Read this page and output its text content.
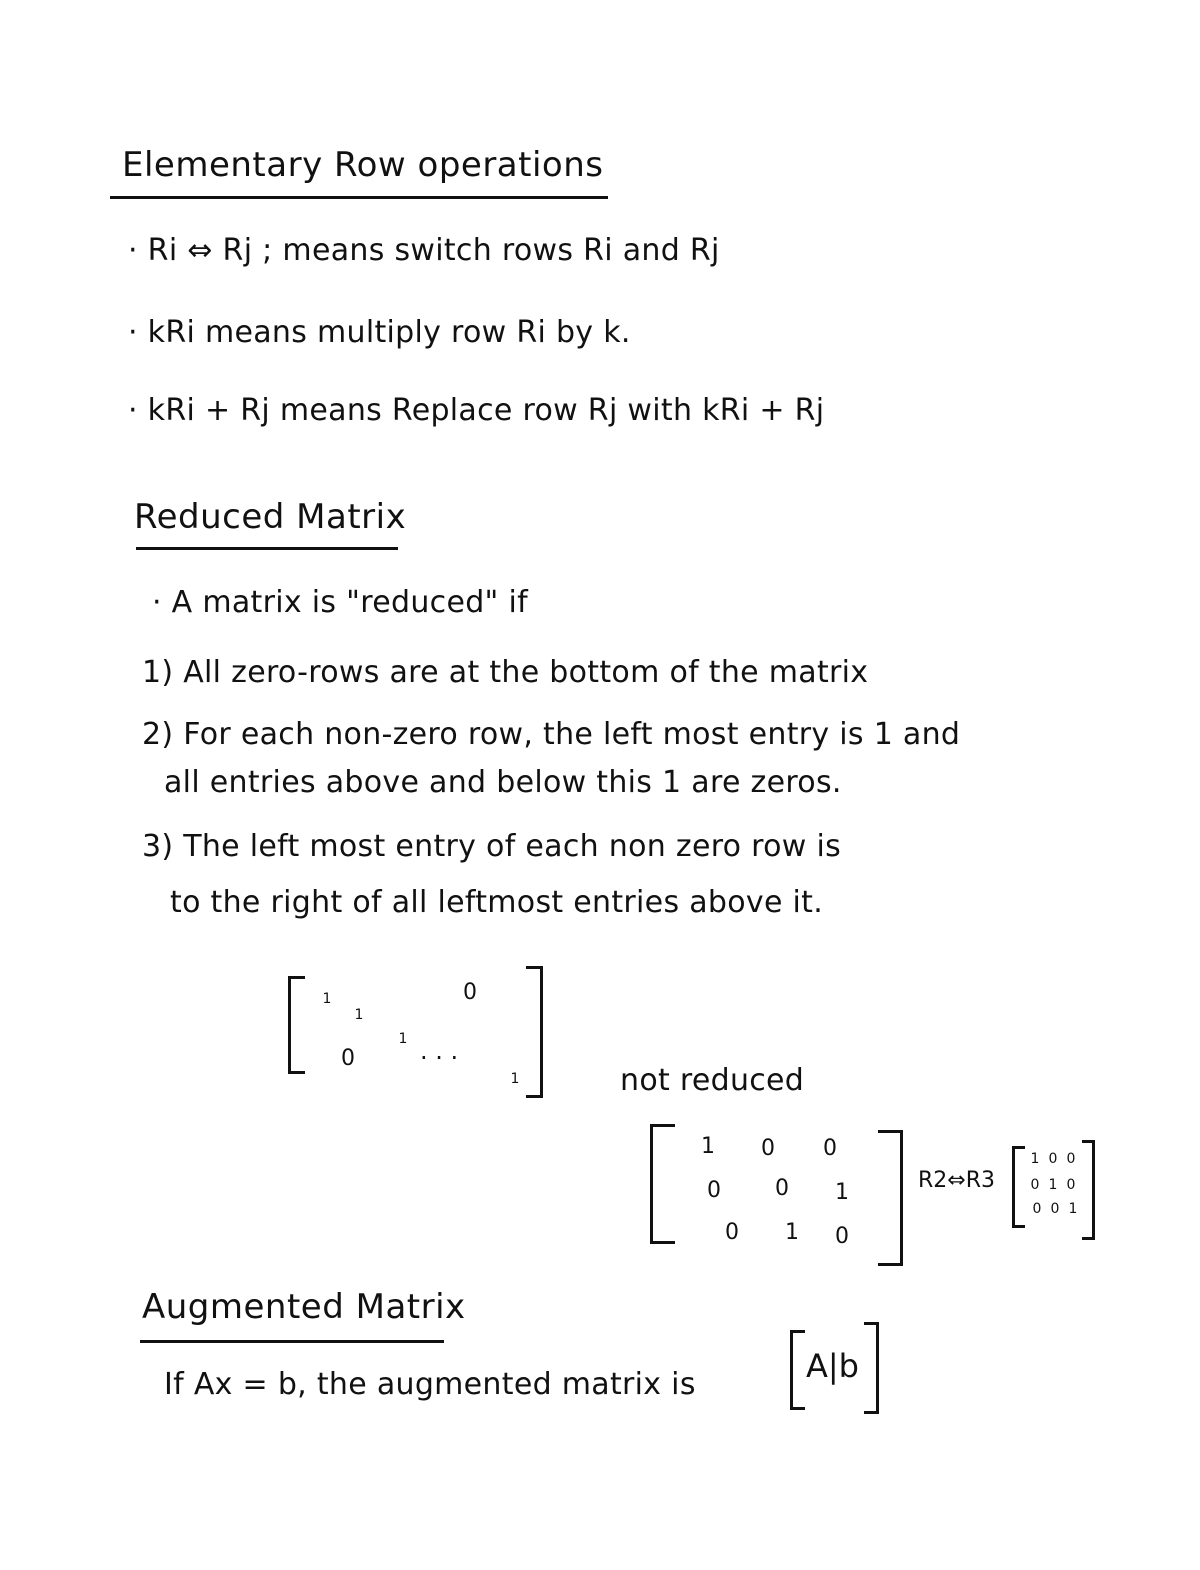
Elementary Row operations
· Ri ⇔ Rj ; means switch rows Ri and Rj
· kRi means multiply row Ri by k.
· kRi + Rj means Replace row Rj with kRi + Rj
Reduced Matrix
· A matrix is "reduced" if
1) All zero-rows are at the bottom of the matrix
2) For each non-zero row, the left most entry is 1 and
all entries above and below this 1 are zeros.
3) The left most entry of each non zero row is
to the right of all leftmost entries above it.
1
1
1
1
0
0	· · ·
not reduced
1 0 0
0 0 1
0 1 0
R2⇔R3
1 0 0
0 1 0
0 0 1
Augmented Matrix
If Ax = b, the augmented matrix is	A|b
